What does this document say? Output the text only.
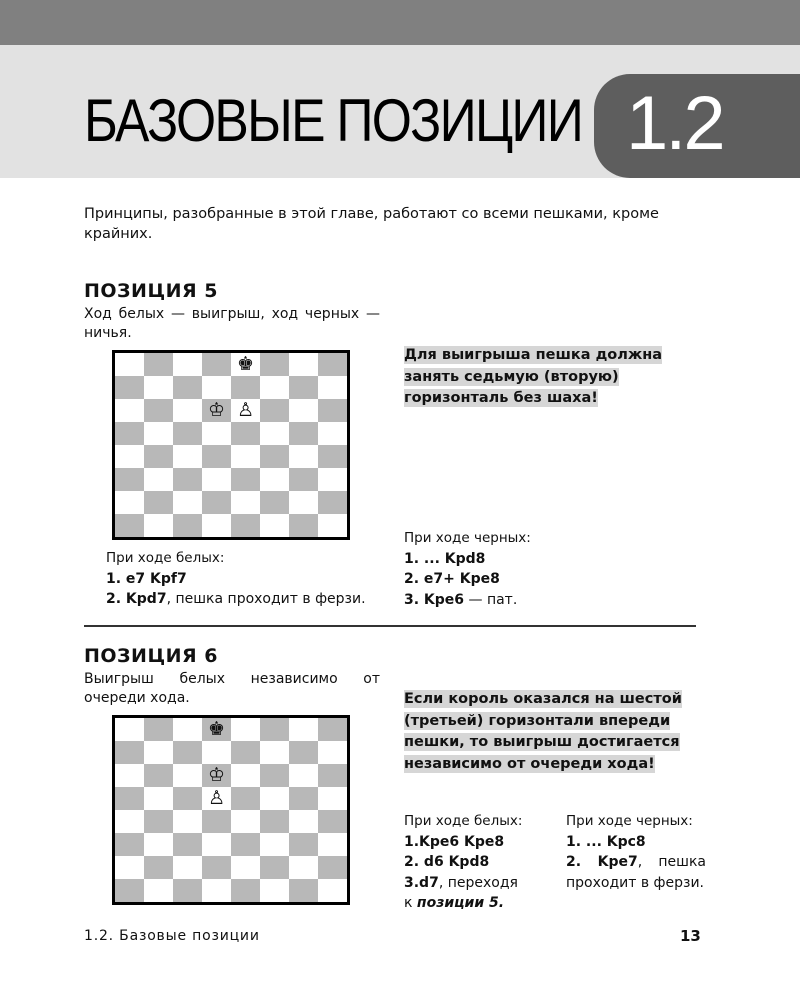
БАЗОВЫЕ ПОЗИЦИИ 1.2
Принципы, разобранные в этой главе, работают со всеми пешками, кроме крайних.
ПОЗИЦИЯ 5
Ход белых — выигрыш, ход черных — ничья.
♚
♔ ♙
Для выигрыша пешка должна занять седьмую (вторую) горизонталь без шаха!
При ходе белых:
1. e7 Kpf7
2. Kpd7, пешка проходит в ферзи.
При ходе черных:
1. ... Kpd8
2. e7+ Kpe8
3. Kpe6 — пат.
ПОЗИЦИЯ 6
Выигрыш белых независимо от очереди хода.
♚
♔
♙
Если король оказался на шестой (третьей) горизонтали впереди пешки, то выигрыш достигается независимо от очереди хода!
При ходе белых:
1.Kpe6 Kpe8
2. d6 Kpd8
3.d7, переходя
к позиции 5.
При ходе черных:
1. ... Kpc8
2. Kpe7, пешка проходит в ферзи.
1.2. Базовые позиции	13
